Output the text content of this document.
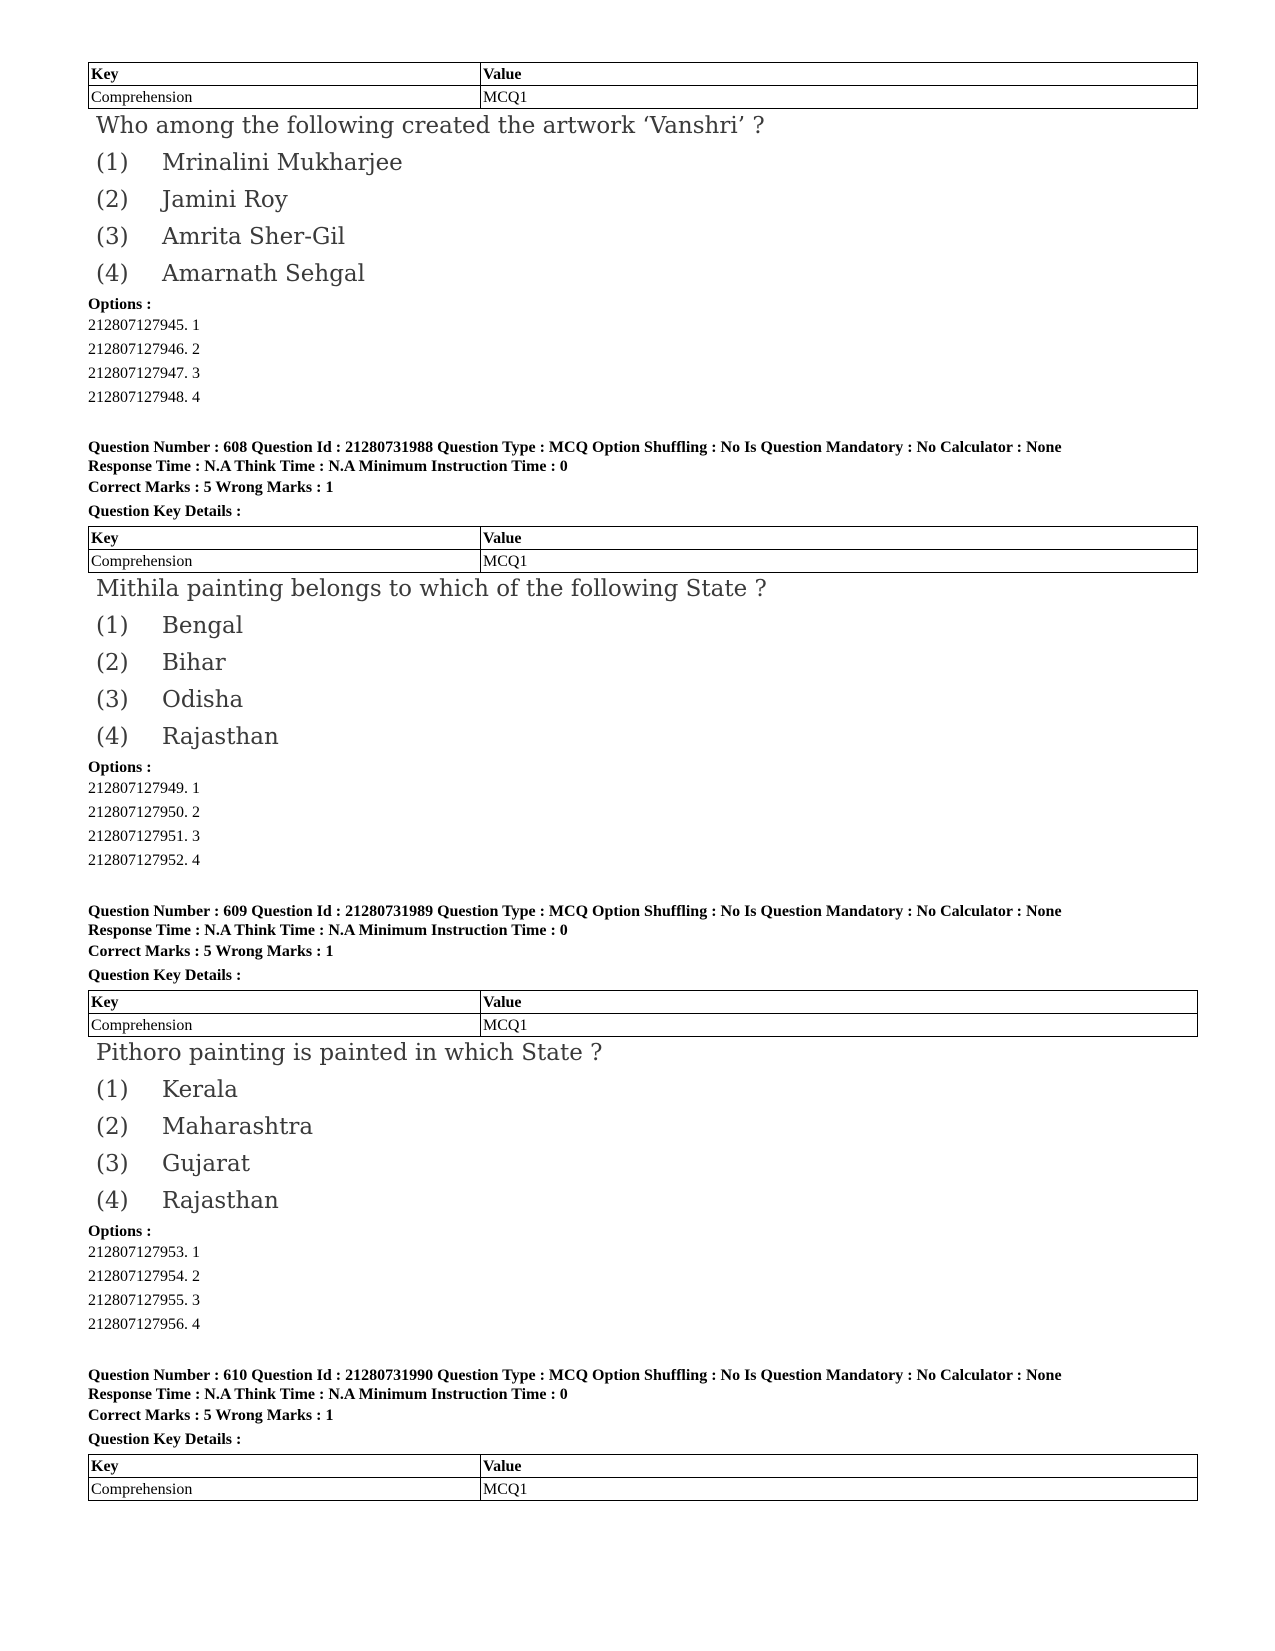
Key	Value
Comprehension	MCQ1
Who among the following created the artwork ‘Vanshri’ ?
(1) Mrinalini Mukharjee
(2) Jamini Roy
(3) Amrita Sher-Gil
(4) Amarnath Sehgal
Options :
212807127945. 1
212807127946. 2
212807127947. 3
212807127948. 4
Question Number : 608 Question Id : 21280731988 Question Type : MCQ Option Shuffling : No Is Question Mandatory : No Calculator : None
Response Time : N.A Think Time : N.A Minimum Instruction Time : 0
Correct Marks : 5 Wrong Marks : 1
Question Key Details :
Key	Value
Comprehension	MCQ1
Mithila painting belongs to which of the following State ?
(1) Bengal
(2) Bihar
(3) Odisha
(4) Rajasthan
Options :
212807127949. 1
212807127950. 2
212807127951. 3
212807127952. 4
Question Number : 609 Question Id : 21280731989 Question Type : MCQ Option Shuffling : No Is Question Mandatory : No Calculator : None
Response Time : N.A Think Time : N.A Minimum Instruction Time : 0
Correct Marks : 5 Wrong Marks : 1
Question Key Details :
Key	Value
Comprehension	MCQ1
Pithoro painting is painted in which State ?
(1) Kerala
(2) Maharashtra
(3) Gujarat
(4) Rajasthan
Options :
212807127953. 1
212807127954. 2
212807127955. 3
212807127956. 4
Question Number : 610 Question Id : 21280731990 Question Type : MCQ Option Shuffling : No Is Question Mandatory : No Calculator : None
Response Time : N.A Think Time : N.A Minimum Instruction Time : 0
Correct Marks : 5 Wrong Marks : 1
Question Key Details :
Key	Value
Comprehension	MCQ1
